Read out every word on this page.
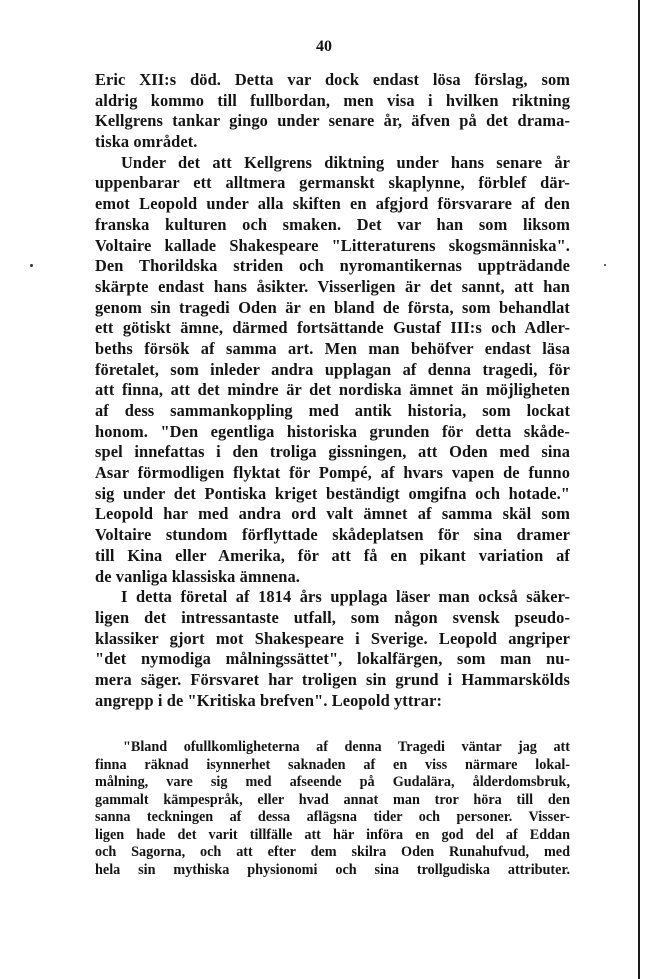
40
Eric XII:s död. Detta var dock endast lösa förslag, som
aldrig kommo till fullbordan, men visa i hvilken riktning
Kellgrens tankar gingo under senare år, äfven på det drama-
tiska området.
Under det att Kellgrens diktning under hans senare år
uppenbarar ett alltmera germanskt skaplynne, förblef där-
emot Leopold under alla skiften en afgjord försvarare af den
franska kulturen och smaken. Det var han som liksom
Voltaire kallade Shakespeare "Litteraturens skogsmänniska".
Den Thorildska striden och nyromantikernas uppträdande
skärpte endast hans åsikter. Visserligen är det sannt, att han
genom sin tragedi Oden är en bland de första, som behandlat
ett götiskt ämne, därmed fortsättande Gustaf III:s och Adler-
beths försök af samma art. Men man behöfver endast läsa
företalet, som inleder andra upplagan af denna tragedi, för
att finna, att det mindre är det nordiska ämnet än möjligheten
af dess sammankoppling med antik historia, som lockat
honom. "Den egentliga historiska grunden för detta skåde-
spel innefattas i den troliga gissningen, att Oden med sina
Asar förmodligen flyktat för Pompé, af hvars vapen de funno
sig under det Pontiska kriget beständigt omgifna och hotade."
Leopold har med andra ord valt ämnet af samma skäl som
Voltaire stundom förflyttade skådeplatsen för sina dramer
till Kina eller Amerika, för att få en pikant variation af
de vanliga klassiska ämnena.
I detta företal af 1814 års upplaga läser man också säker-
ligen det intressantaste utfall, som någon svensk pseudo-
klassiker gjort mot Shakespeare i Sverige. Leopold angriper
"det nymodiga målningssättet", lokalfärgen, som man nu-
mera säger. Försvaret har troligen sin grund i Hammarskölds
angrepp i de "Kritiska brefven". Leopold yttrar:
"Bland ofullkomligheterna af denna Tragedi väntar jag att
finna räknad isynnerhet saknaden af en viss närmare lokal-
målning, vare sig med afseende på Gudalära, ålderdomsbruk,
gammalt kämpespråk, eller hvad annat man tror höra till den
sanna teckningen af dessa aflägsna tider och personer. Visser-
ligen hade det varit tillfälle att här införa en god del af Eddan
och Sagorna, och att efter dem skilra Oden Runahufvud, med
hela sin mythiska physionomi och sina trollgudiska attributer.
